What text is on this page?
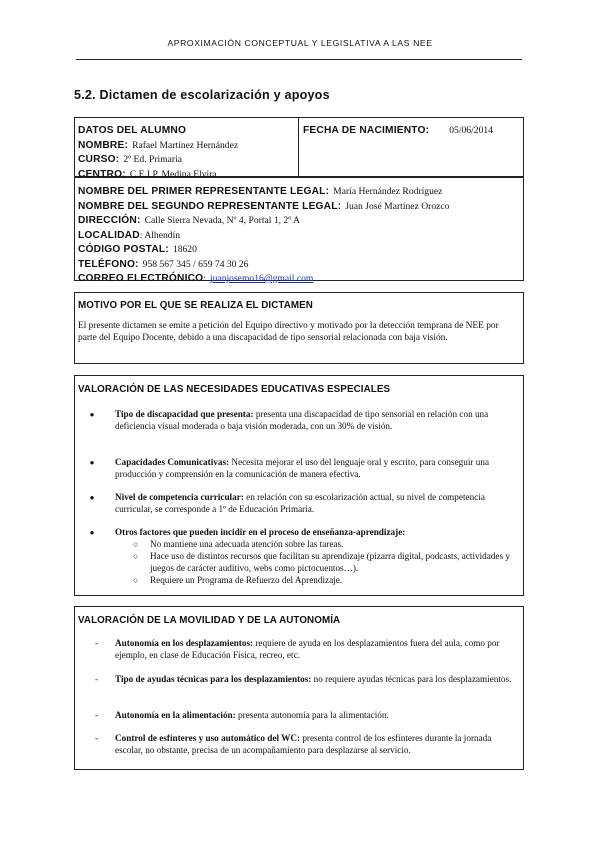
APROXIMACIÓN CONCEPTUAL Y LEGISLATIVA A LAS NEE
5.2. Dictamen de escolarización y apoyos
DATOS DEL ALUMNO
NOMBRE: Rafael Martínez Hernández
CURSO: 2º Ed. Primaria
CENTRO: C.E.I.P. Medina Elvira
FECHA DE NACIMIENTO: 05/06/2014
NOMBRE DEL PRIMER REPRESENTANTE LEGAL: María Hernández Rodríguez
NOMBRE DEL SEGUNDO REPRESENTANTE LEGAL: Juan José Martínez Orozco
DIRECCIÓN: Calle Sierra Nevada, Nº 4, Portal 1, 2º A
LOCALIDAD: Alhendín
CÓDIGO POSTAL: 18620
TELÉFONO: 958 567 345 / 659 74 30 26
CORREO ELECTRÓNICO: juanjosemo16@gmail.com
MOTIVO POR EL QUE SE REALIZA EL DICTAMEN
El presente dictamen se emite a petición del Equipo directivo y motivado por la detección temprana de NEE por parte del Equipo Docente, debido a una discapacidad de tipo sensorial relacionada con baja visión.
VALORACIÓN DE LAS NECESIDADES EDUCATIVAS ESPECIALES
●	Tipo de discapacidad que presenta: presenta una discapacidad de tipo sensorial en relación con una deficiencia visual moderada o baja visión moderada, con un 30% de visión.
●	Capacidades Comunicativas: Necesita mejorar el uso del lenguaje oral y escrito, para conseguir una producción y comprensión en la comunicación de manera efectiva.
●	Nivel de competencia curricular: en relación con su escolarización actual, su nivel de competencia curricular, se corresponde a 1º de Educación Primaria.
●	Otros factores que pueden incidir en el proceso de enseñanza-aprendizaje:
○ No mantiene una adecuada atención sobre las tareas.
○ Hace uso de distintos recursos que facilitan su aprendizaje (pizarra digital, podcasts, actividades y juegos de carácter auditivo, webs como pictocuentos…).
○ Requiere un Programa de Refuerzo del Aprendizaje.
VALORACIÓN DE LA MOVILIDAD Y DE LA AUTONOMÍA
- Autonomía en los desplazamientos: requiere de ayuda en los desplazamientos fuera del aula, como por ejemplo, en clase de Educación Física, recreo, etc.
- Tipo de ayudas técnicas para los desplazamientos: no requiere ayudas técnicas para los desplazamientos.
- Autonomía en la alimentación: presenta autonomía para la alimentación.
- Control de esfínteres y uso automático del WC: presenta control de los esfínteres durante la jornada escolar, no obstante, precisa de un acompañamiento para desplazarse al servicio.
